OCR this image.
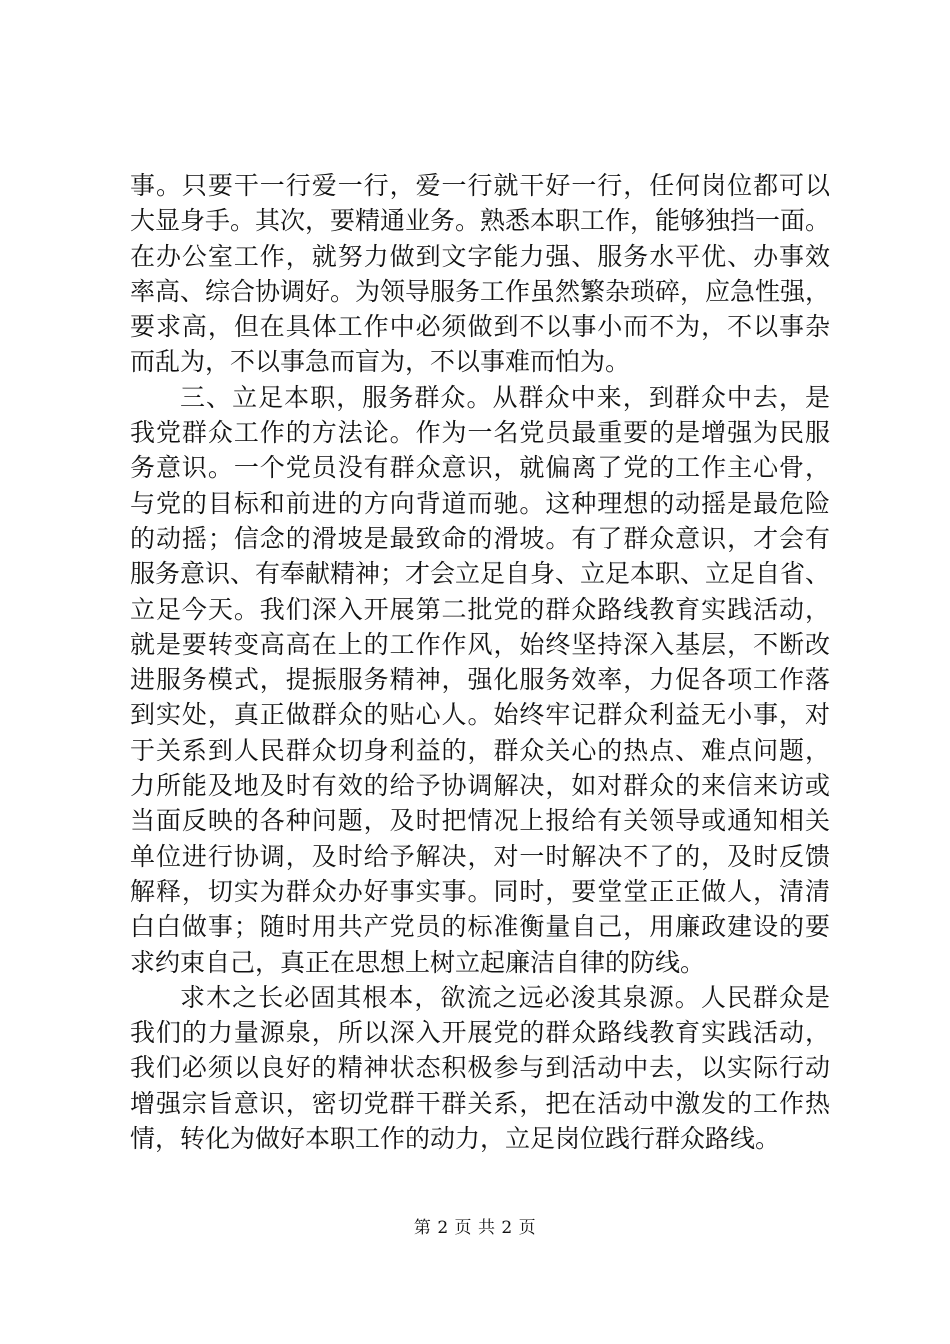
事。只要干一行爱一行，爱一行就干好一行，任何岗位都可以
大显身手。其次，要精通业务。熟悉本职工作，能够独挡一面。
在办公室工作，就努力做到文字能力强、服务水平优、办事效
率高、综合协调好。为领导服务工作虽然繁杂琐碎，应急性强，
要求高，但在具体工作中必须做到不以事小而不为，不以事杂
而乱为，不以事急而盲为，不以事难而怕为。
三、立足本职，服务群众。从群众中来，到群众中去，是
我党群众工作的方法论。作为一名党员最重要的是增强为民服
务意识。一个党员没有群众意识，就偏离了党的工作主心骨，
与党的目标和前进的方向背道而驰。这种理想的动摇是最危险
的动摇；信念的滑坡是最致命的滑坡。有了群众意识，才会有
服务意识、有奉献精神；才会立足自身、立足本职、立足自省、
立足今天。我们深入开展第二批党的群众路线教育实践活动，
就是要转变高高在上的工作作风，始终坚持深入基层，不断改
进服务模式，提振服务精神，强化服务效率，力促各项工作落
到实处，真正做群众的贴心人。始终牢记群众利益无小事，对
于关系到人民群众切身利益的，群众关心的热点、难点问题，
力所能及地及时有效的给予协调解决，如对群众的来信来访或
当面反映的各种问题，及时把情况上报给有关领导或通知相关
单位进行协调，及时给予解决，对一时解决不了的，及时反馈
解释，切实为群众办好事实事。同时，要堂堂正正做人，清清
白白做事；随时用共产党员的标准衡量自己，用廉政建设的要
求约束自己，真正在思想上树立起廉洁自律的防线。
求木之长必固其根本，欲流之远必浚其泉源。人民群众是
我们的力量源泉，所以深入开展党的群众路线教育实践活动，
我们必须以良好的精神状态积极参与到活动中去，以实际行动
增强宗旨意识，密切党群干群关系，把在活动中激发的工作热
情，转化为做好本职工作的动力，立足岗位践行群众路线。
第 2 页 共 2 页
